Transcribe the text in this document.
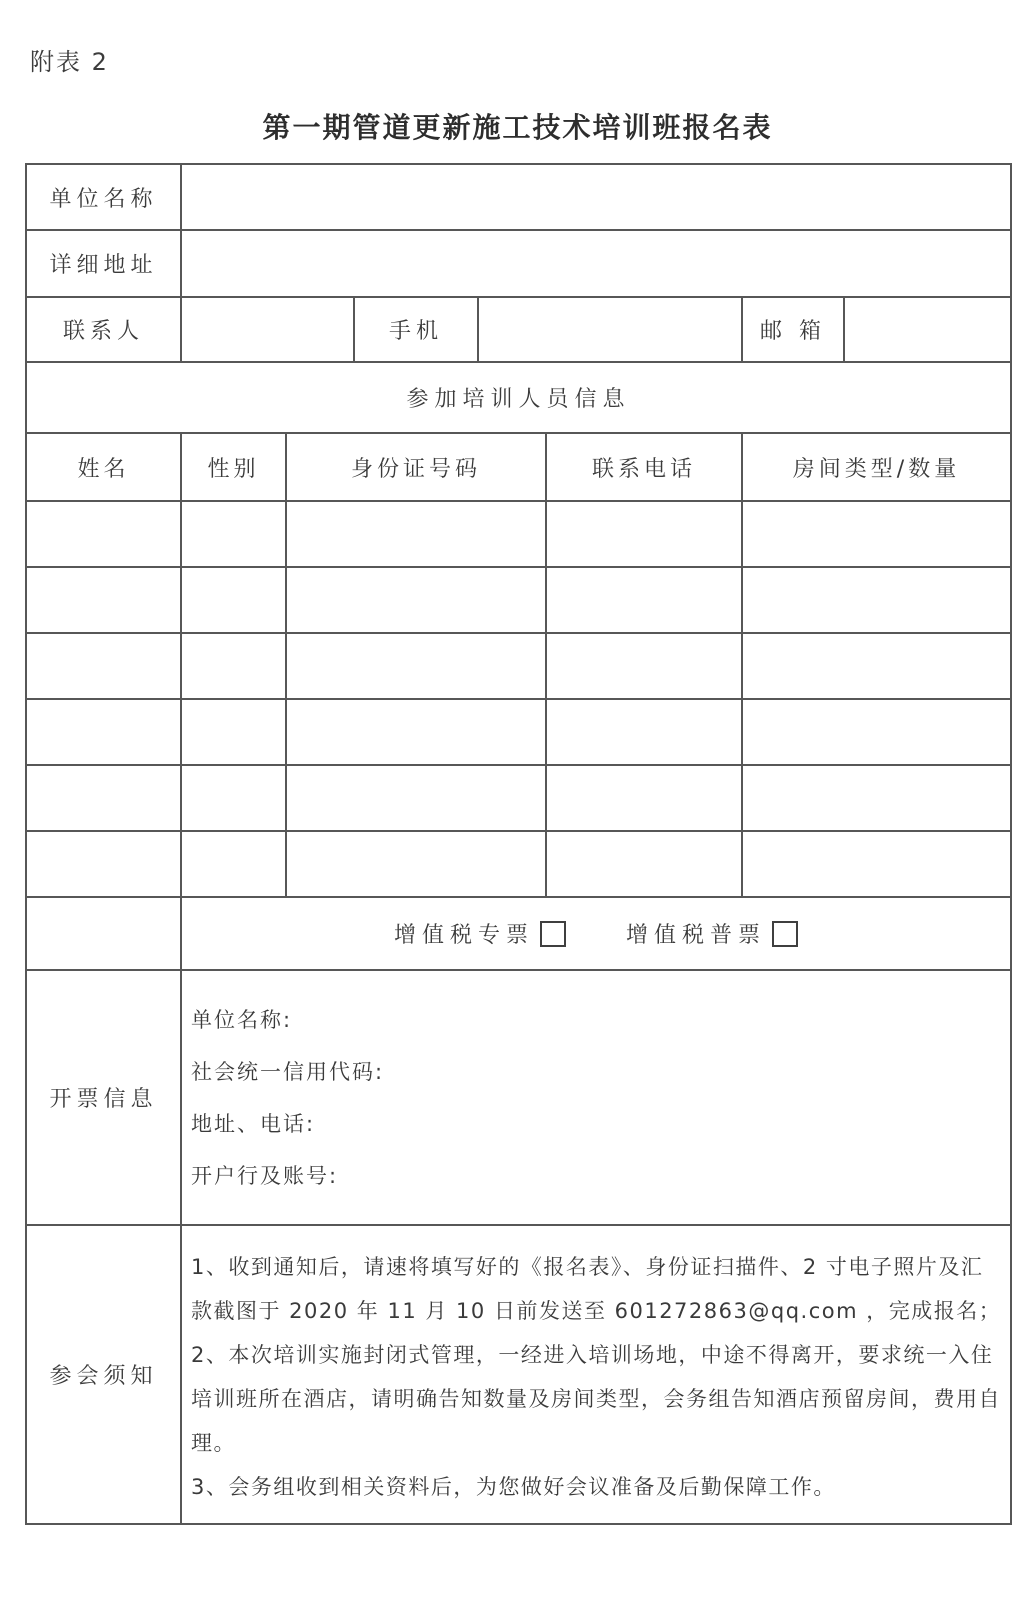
附表 2
第一期管道更新施工技术培训班报名表
单位名称							
详细地址							
联系人			手机			邮 箱	
参加培训人员信息							
姓名	性别	身份证号码			联系电话	房间类型/数量	

	增值税专票 增值税普票						

开票信息	单位名称:
社会统一信用代码:
地址、电话:
开户行及账号:						

参会须知	1、收到通知后，请速将填写好的《报名表》、身份证扫描件、2 寸电子照片及汇款截图于 2020 年 11 月 10 日前发送至 601272863@qq.com ，完成报名；

2、本次培训实施封闭式管理，一经进入培训场地，中途不得离开，要求统一入住培训班所在酒店，请明确告知数量及房间类型，会务组告知酒店预留房间，费用自理。

3、会务组收到相关资料后，为您做好会议准备及后勤保障工作。						
